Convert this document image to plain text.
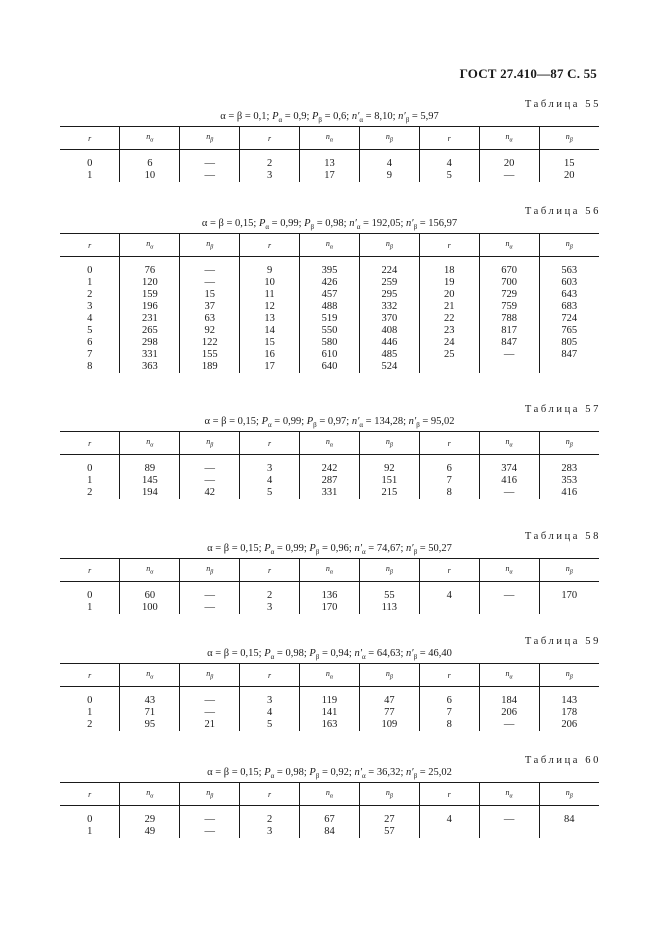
ГОСТ 27.410—87 С. 55
Таблица 55
α = β = 0,1; $P_\alpha = 0,9$; $P_\beta = 0,6$; $n'_\alpha = 8,10$; $n'_\beta = 5,97$
r	$n_\alpha$	$n_\beta$	r	$n_\alpha$	$n_\beta$	r	$n_\alpha$	$n_\beta$

0	6	—	2	13	4	4	20	15
1	10	—	3	17	9	5	—	20
Таблица 56
α = β = 0,15; $P_\alpha = 0,99$; $P_\beta = 0,98$; $n'_\alpha = 192,05$; $n'_\beta = 156,97$
r	$n_\alpha$	$n_\beta$	r	$n_\alpha$	$n_\beta$	r	$n_\alpha$	$n_\beta$

0	76	—	9	395	224	18	670	563
1	120	—	10	426	259	19	700	603
2	159	15	11	457	295	20	729	643
3	196	37	12	488	332	21	759	683
4	231	63	13	519	370	22	788	724
5	265	92	14	550	408	23	817	765
6	298	122	15	580	446	24	847	805
7	331	155	16	610	485	25	—	847
8	363	189	17	640	524			
Таблица 57
α = β = 0,15; $P_\alpha = 0,99$; $P_\beta = 0,97$; $n'_\alpha = 134,28$; $n'_\beta = 95,02$
r	$n_\alpha$	$n_\beta$	r	$n_\alpha$	$n_\beta$	r	$n_\alpha$	$n_\beta$

0	89	—	3	242	92	6	374	283
1	145	—	4	287	151	7	416	353
2	194	42	5	331	215	8	—	416
Таблица 58
α = β = 0,15; $P_\alpha = 0,99$; $P_\beta = 0,96$; $n'_\alpha = 74,67$; $n'_\beta = 50,27$
r	$n_\alpha$	$n_\beta$	r	$n_\alpha$	$n_\beta$	r	$n_\alpha$	$n_\beta$

0	60	—	2	136	55	4	—	170
1	100	—	3	170	113			
Таблица 59
α = β = 0,15; $P_\alpha = 0,98$; $P_\beta = 0,94$; $n'_\alpha = 64,63$; $n'_\beta = 46,40$
r	$n_\alpha$	$n_\beta$	r	$n_\alpha$	$n_\beta$	r	$n_\alpha$	$n_\beta$

0	43	—	3	119	47	6	184	143
1	71	—	4	141	77	7	206	178
2	95	21	5	163	109	8	—	206
Таблица 60
α = β = 0,15; $P_\alpha = 0,98$; $P_\beta = 0,92$; $n'_\alpha = 36,32$; $n'_\beta = 25,02$
r	$n_\alpha$	$n_\beta$	r	$n_\alpha$	$n_\beta$	r	$n_\alpha$	$n_\beta$

0	29	—	2	67	27	4	—	84
1	49	—	3	84	57			
